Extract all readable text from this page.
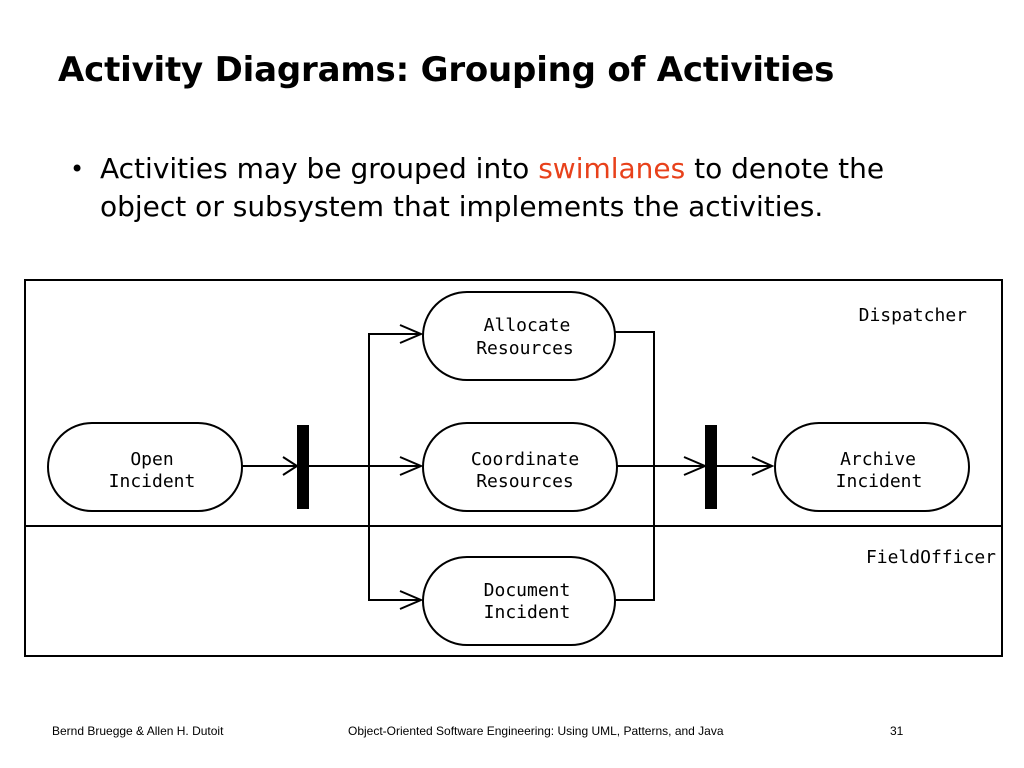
Activity Diagrams: Grouping of Activities
• Activities may be grouped into swimlanes to denote the object or subsystem that implements the activities.
Dispatcher
FieldOfficer
Open
Incident
Allocate
Resources
Coordinate
Resources
Archive
Incident
Document
Incident
Bernd Bruegge & Allen H. Dutoit	Object-Oriented Software Engineering: Using UML, Patterns, and Java	31
